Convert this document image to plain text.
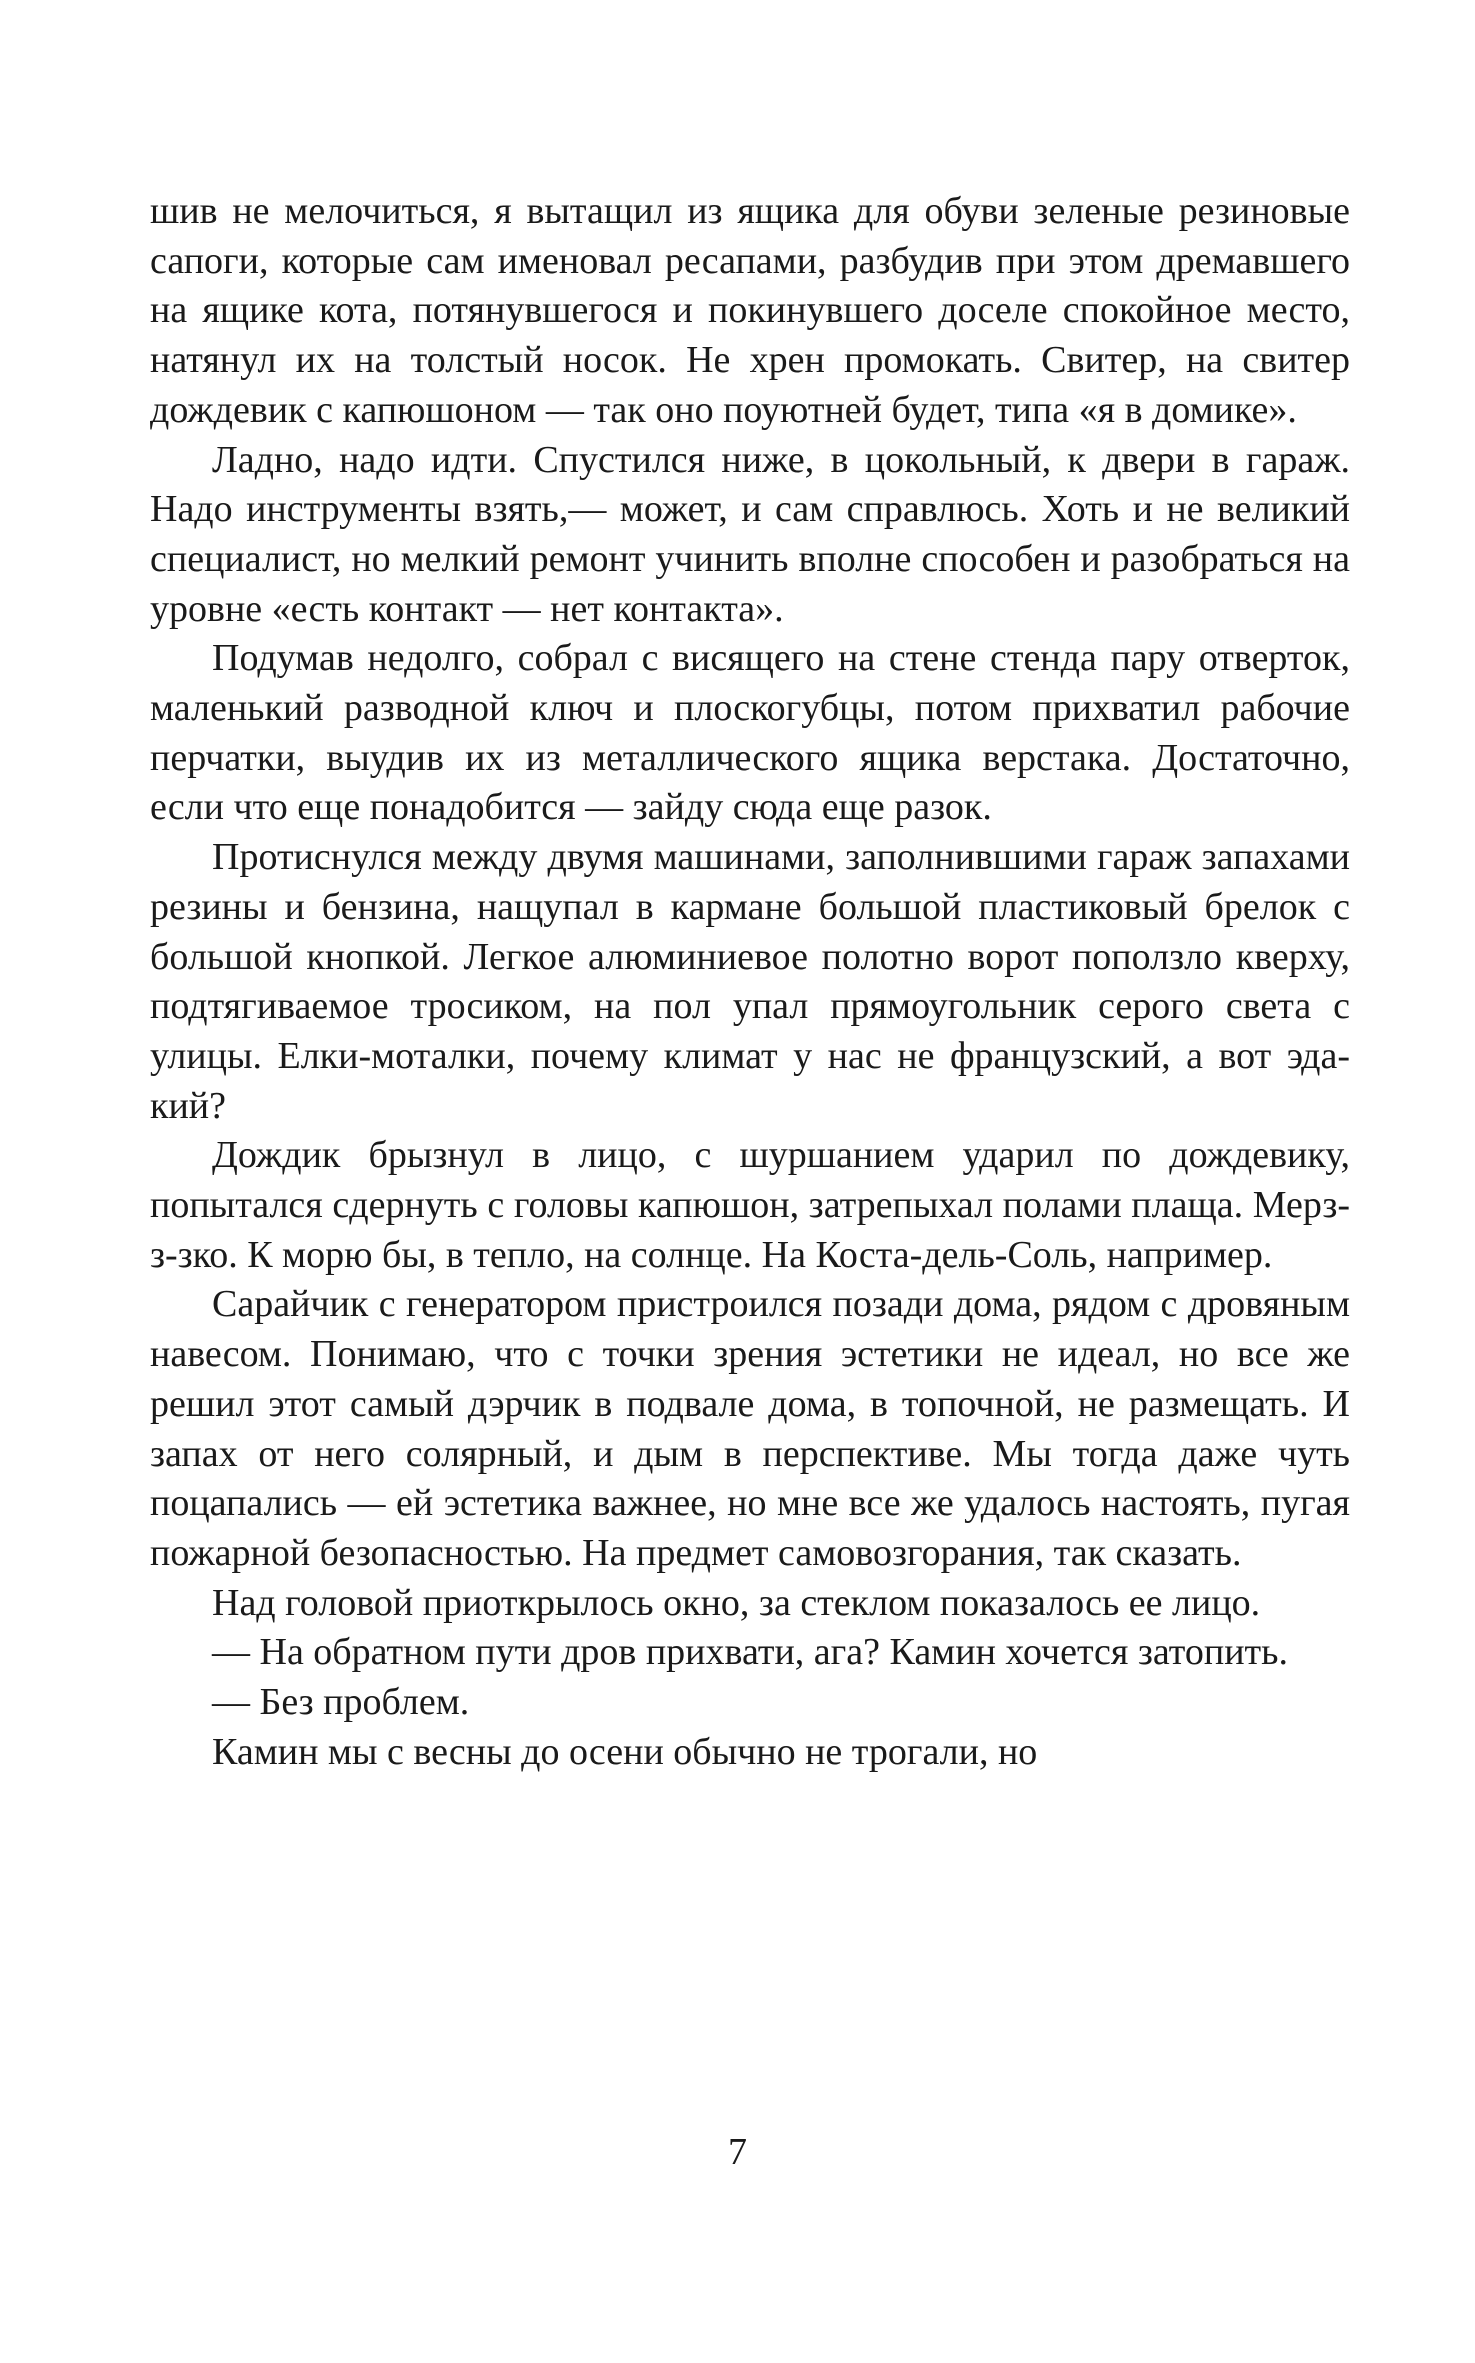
шив не мелочиться, я вытащил из ящика для обуви зеленые резиновые сапоги, которые сам именовал ресапами, разбудив при этом дремавшего на ящике кота, потянувшегося и покинувшего доселе спокойное место, натянул их на толстый носок. Не хрен промокать. Свитер, на свитер дождевик с капюшоном — так оно поуютней будет, типа «я в домике».

Ладно, надо идти. Спустился ниже, в цокольный, к двери в гараж. Надо инструменты взять,— может, и сам справлюсь. Хоть и не великий специалист, но мелкий ремонт учинить вполне способен и разобраться на уровне «есть контакт — нет контакта».

Подумав недолго, собрал с висящего на стене стенда пару отверток, маленький разводной ключ и плоскогубцы, потом прихватил рабочие перчатки, выудив их из металлического ящика верстака. Достаточно, если что еще понадобится — зайду сюда еще разок.

Протиснулся между двумя машинами, заполнившими гараж запахами резины и бензина, нащупал в кармане большой пластиковый брелок с большой кнопкой. Легкое алюминиевое полотно ворот поползло кверху, подтягиваемое тросиком, на пол упал прямоугольник серого света с улицы. Елки-моталки, почему климат у нас не французский, а вот эдакий?

Дождик брызнул в лицо, с шуршанием ударил по дождевику, попытался сдернуть с головы капюшон, затрепыхал полами плаща. Мерз-з-зко. К морю бы, в тепло, на солнце. На Коста-дель-Соль, например.

Сарайчик с генератором пристроился позади дома, рядом с дровяным навесом. Понимаю, что с точки зрения эстетики не идеал, но все же решил этот самый дэрчик в подвале дома, в топочной, не размещать. И запах от него солярный, и дым в перспективе. Мы тогда даже чуть поцапались — ей эстетика важнее, но мне все же удалось настоять, пугая пожарной безопасностью. На предмет самовозгорания, так сказать.

Над головой приоткрылось окно, за стеклом показалось ее лицо.

— На обратном пути дров прихвати, ага? Камин хочется затопить.

— Без проблем.

Камин мы с весны до осени обычно не трогали, но

7
